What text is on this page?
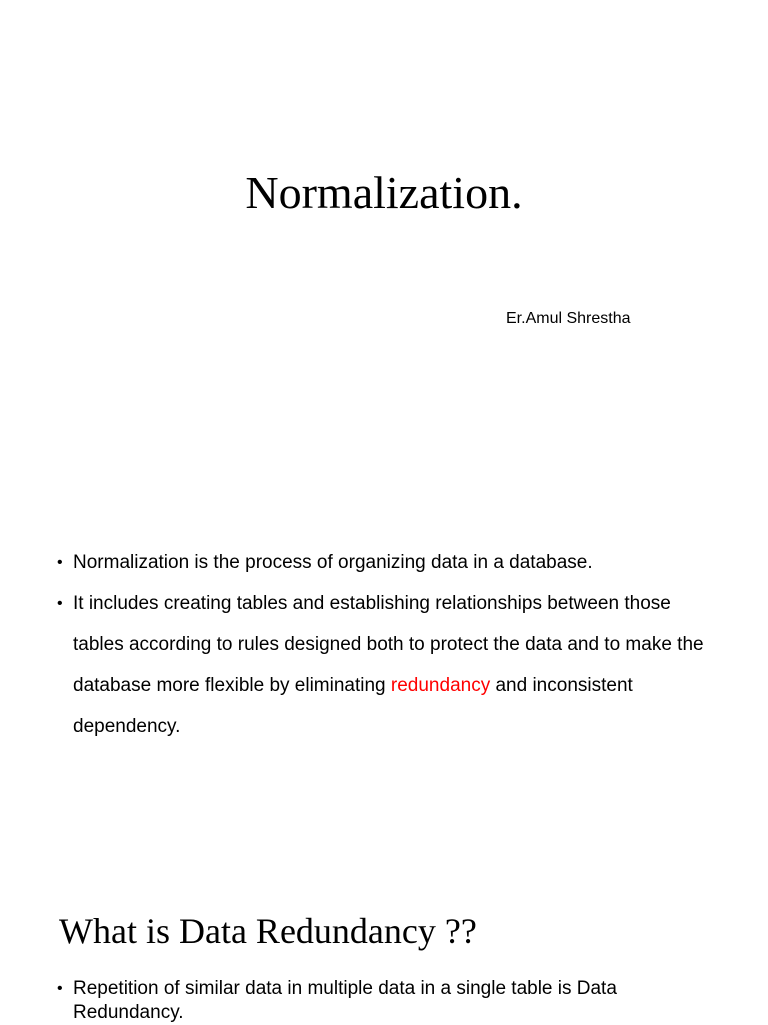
Normalization.
Er.Amul Shrestha
• Normalization is the process of organizing data in a database.
• It includes creating tables and establishing relationships between those tables according to rules designed both to protect the data and to make the database more flexible by eliminating redundancy and inconsistent dependency.
What is Data Redundancy ??
• Repetition of similar data in multiple data in a single table is Data Redundancy.
